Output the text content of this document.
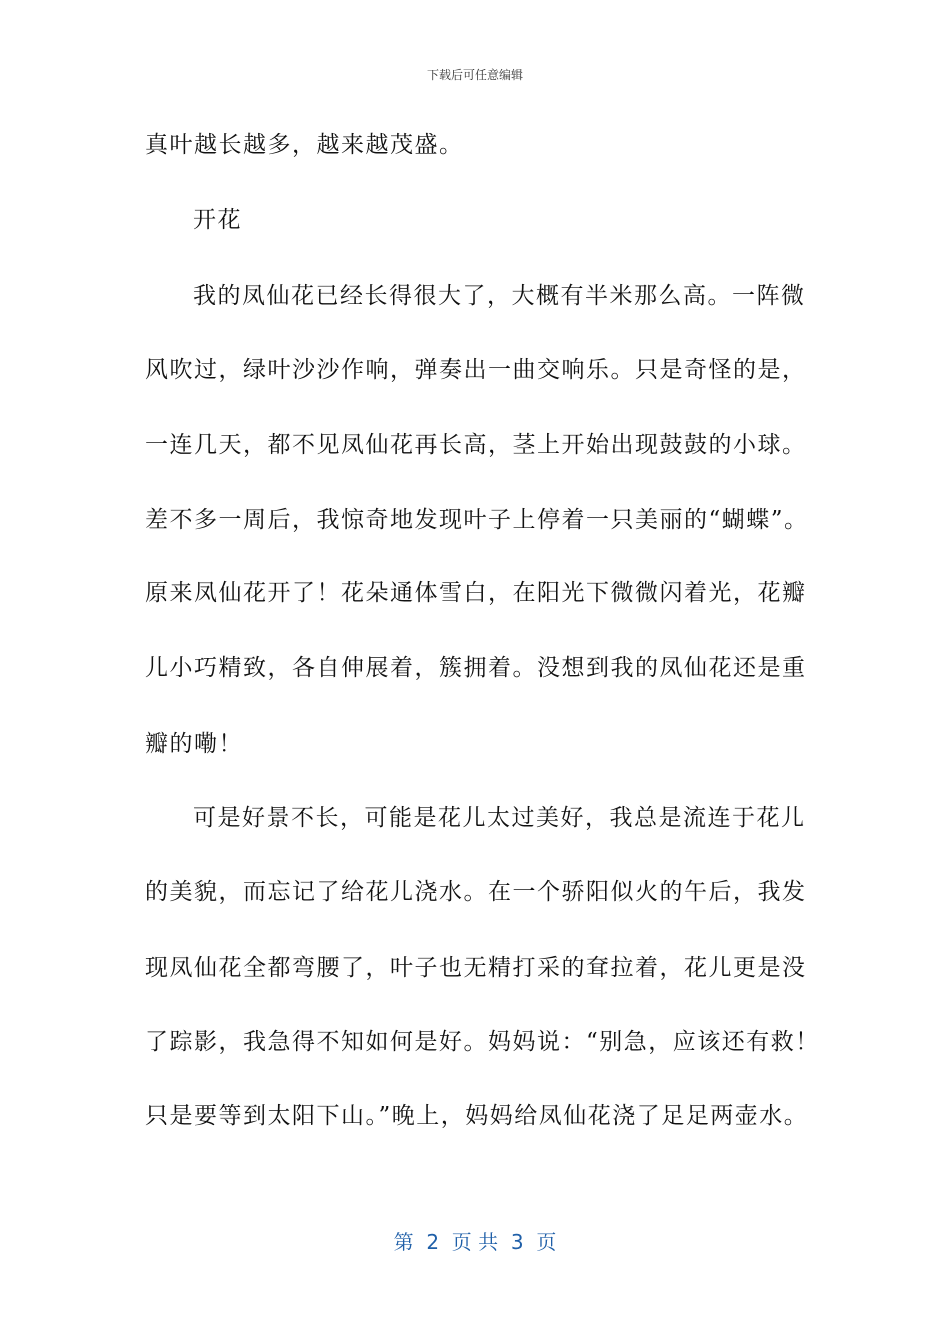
下载后可任意编辑
真叶越长越多，越来越茂盛。
开花
我的凤仙花已经长得很大了，大概有半米那么高。一阵微
风吹过，绿叶沙沙作响，弹奏出一曲交响乐。只是奇怪的是，
一连几天，都不见凤仙花再长高，茎上开始出现鼓鼓的小球。
差不多一周后，我惊奇地发现叶子上停着一只美丽的“蝴蝶”。
原来凤仙花开了！花朵通体雪白，在阳光下微微闪着光，花瓣
儿小巧精致，各自伸展着，簇拥着。没想到我的凤仙花还是重
瓣的嘞！
可是好景不长，可能是花儿太过美好，我总是流连于花儿
的美貌，而忘记了给花儿浇水。在一个骄阳似火的午后，我发
现凤仙花全都弯腰了，叶子也无精打采的耷拉着，花儿更是没
了踪影，我急得不知如何是好。妈妈说：“别急，应该还有救！
只是要等到太阳下山。”晚上，妈妈给凤仙花浇了足足两壶水。
第  2  页 共  3  页
